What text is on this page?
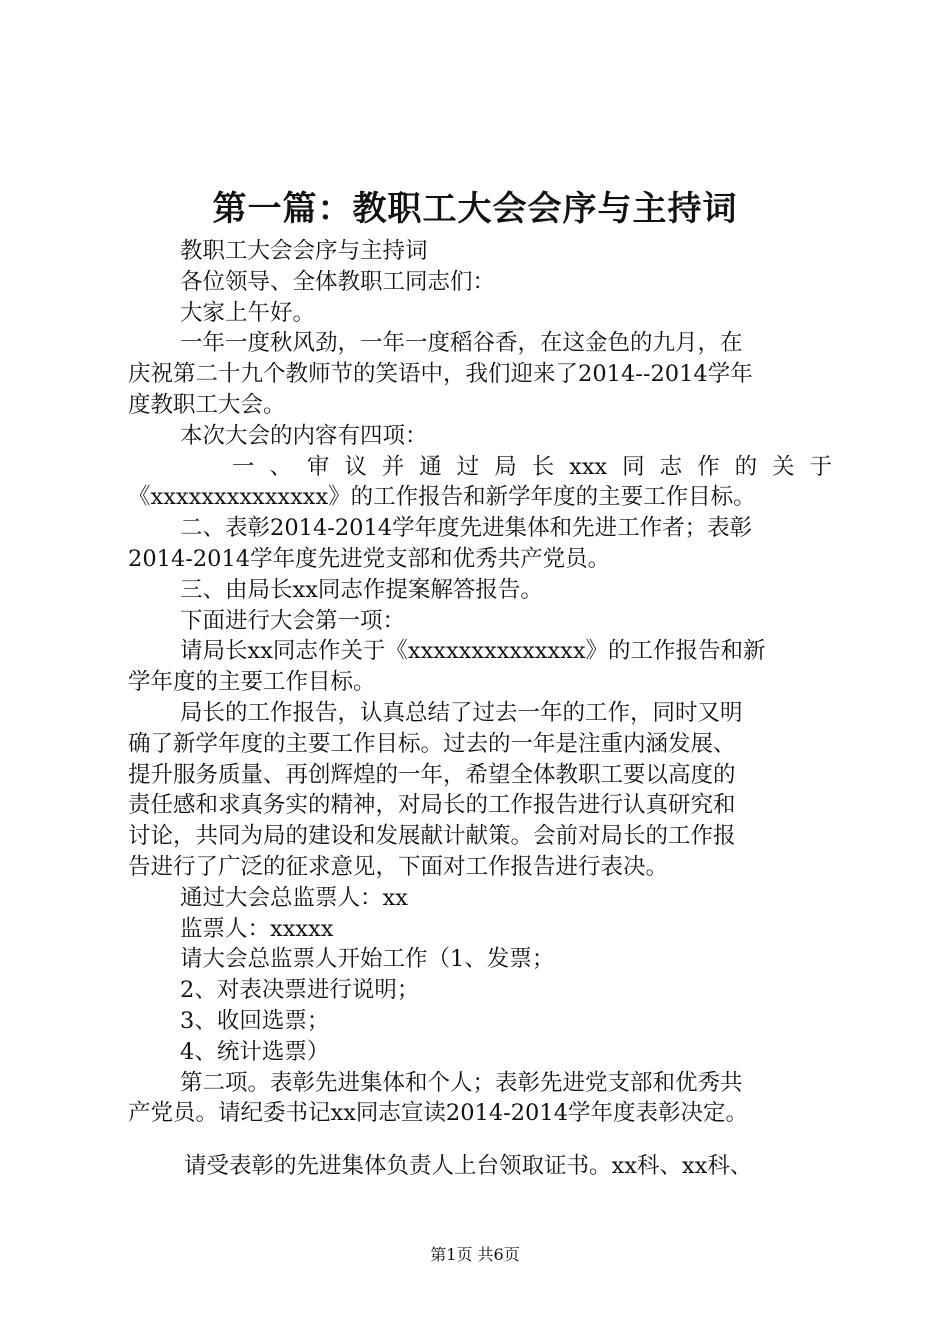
第一篇：教职工大会会序与主持词

教职工大会会序与主持词

各位领导、全体教职工同志们：

大家上午好。

一年一度秋风劲，一年一度稻谷香，在这金色的九月，在

庆祝第二十九个教师节的笑语中，我们迎来了2014--2014学年

度教职工大会。

本次大会的内容有四项：

一、审议并通过局长xxx同志作的关于

《xxxxxxxxxxxxxx》的工作报告和新学年度的主要工作目标。

二、表彰2014-2014学年度先进集体和先进工作者；表彰

2014-2014学年度先进党支部和优秀共产党员。

三、由局长xx同志作提案解答报告。

下面进行大会第一项：

请局长xx同志作关于《xxxxxxxxxxxxxx》的工作报告和新

学年度的主要工作目标。

局长的工作报告，认真总结了过去一年的工作，同时又明

确了新学年度的主要工作目标。过去的一年是注重内涵发展、

提升服务质量、再创辉煌的一年，希望全体教职工要以高度的

责任感和求真务实的精神，对局长的工作报告进行认真研究和

讨论，共同为局的建设和发展献计献策。会前对局长的工作报

告进行了广泛的征求意见，下面对工作报告进行表决。

通过大会总监票人：xx

监票人：xxxxx

请大会总监票人开始工作（1、发票；

2、对表决票进行说明；

3、收回选票；

4、统计选票）

第二项。表彰先进集体和个人；表彰先进党支部和优秀共

产党员。请纪委书记xx同志宣读2014-2014学年度表彰决定。

请受表彰的先进集体负责人上台领取证书。xx科、xx科、

第1页 共6页
